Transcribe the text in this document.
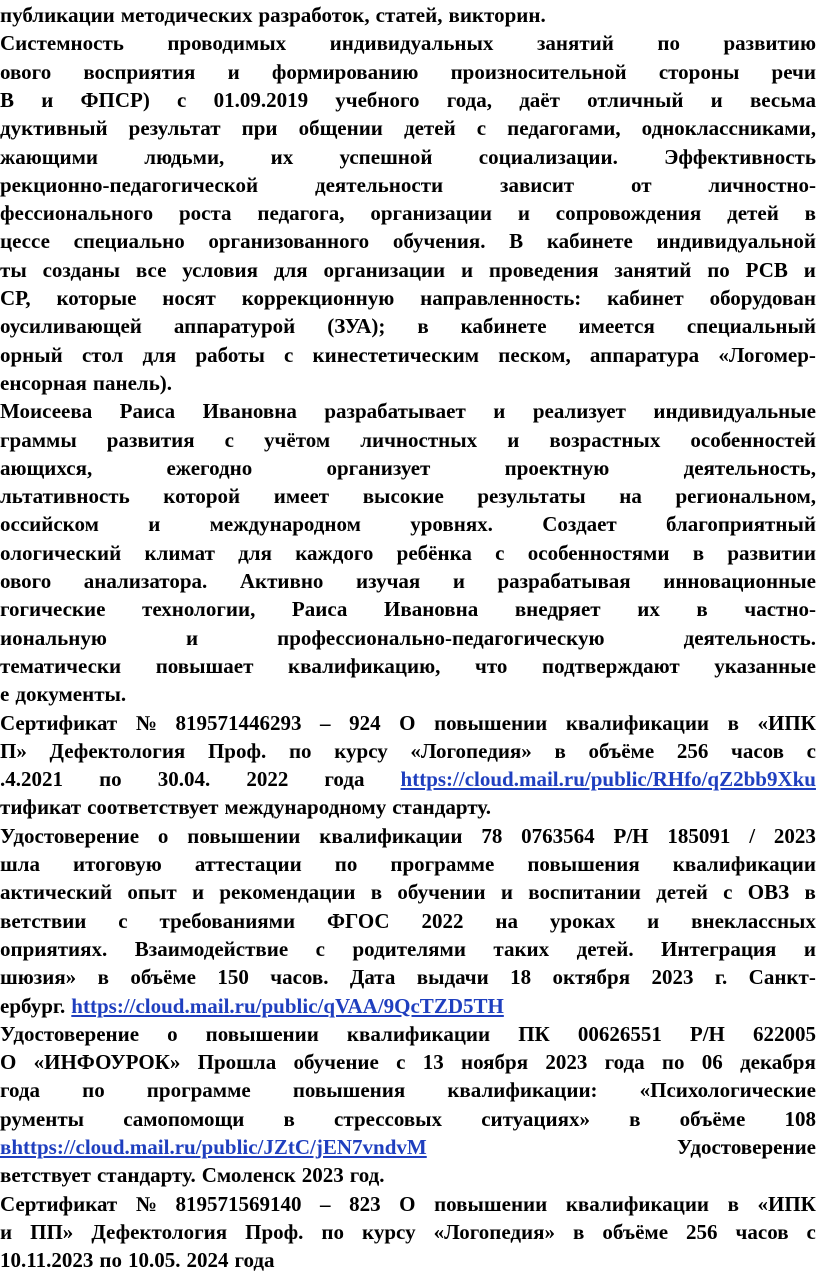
публикации методических разработок, статей, викторин.
Системность проводимых индивидуальных занятий по развитию
ового восприятия и формированию произносительной стороны речи
В и ФПСР) с 01.09.2019 учебного года, даёт отличный и весьма
дуктивный результат при общении детей с педагогами, одноклассниками,
жающими людьми, их успешной социализации. Эффективность
рекционно-педагогической	деятельности	зависит	от	личностно-
фессионального роста педагога, организации и сопровождения детей в
цессе специально организованного обучения. В кабинете индивидуальной
ты созданы все условия для организации и проведения занятий по РСВ и
СР, которые носят коррекционную направленность: кабинет оборудован
оусиливающей аппаратурой (ЗУА); в кабинете имеется специальный
орный стол для работы с кинестетическим песком, аппаратура «Логомер-
енсорная панель).
Моисеева Раиса Ивановна разрабатывает и реализует индивидуальные
граммы развития с учётом личностных и возрастных особенностей
ающихся,	ежегодно	организует	проектную	деятельность,
льтативность которой имеет высокие результаты на региональном,
оссийском и международном уровнях. Создает благоприятный
ологический климат для каждого ребёнка с особенностями в развитии
ового анализатора. Активно изучая и разрабатывая инновационные
гогические технологии, Раиса Ивановна внедряет их в частно-
иональную	и	профессионально-педагогическую	деятельность.
тематически повышает квалификацию, что подтверждают указанные
е документы.
Сертификат № 819571446293 – 924 О повышении квалификации в «ИПК
П» Дефектология Проф. по курсу «Логопедия» в объёме 256 часов с
.4.2021 по 30.04. 2022 года https://cloud.mail.ru/public/RHfo/qZ2bb9Xku
тификат соответствует международному стандарту.
Удостоверение о повышении квалификации 78 0763564 Р/Н 185091 / 2023
шла итоговую аттестации по программе повышения квалификации
актический опыт и рекомендации в обучении и воспитании детей с ОВЗ в
ветствии с требованиями ФГОС 2022 на уроках и внеклассных
оприятиях. Взаимодействие с родителями таких детей. Интеграция и
шюзия» в объёме 150 часов. Дата выдачи 18 октября 2023 г. Санкт-
ербург. https://cloud.mail.ru/public/qVAA/9QcTZD5TH
Удостоверение о повышении квалификации ПК 00626551 Р/Н 622005
О «ИНФОУРОК» Прошла обучение с 13 ноября 2023 года по 06 декабря
года по программе повышения квалификации: «Психологические
рументы самопомощи в стрессовых ситуациях» в объёме 108
вhttps://cloud.mail.ru/public/JZtC/jEN7vndvM	Удостоверение
ветствует стандарту. Смоленск 2023 год.
Сертификат № 819571569140 – 823 О повышении квалификации в «ИПК
и ПП» Дефектология Проф. по курсу «Логопедия» в объёме 256 часов с
10.11.2023 по 10.05. 2024 года
